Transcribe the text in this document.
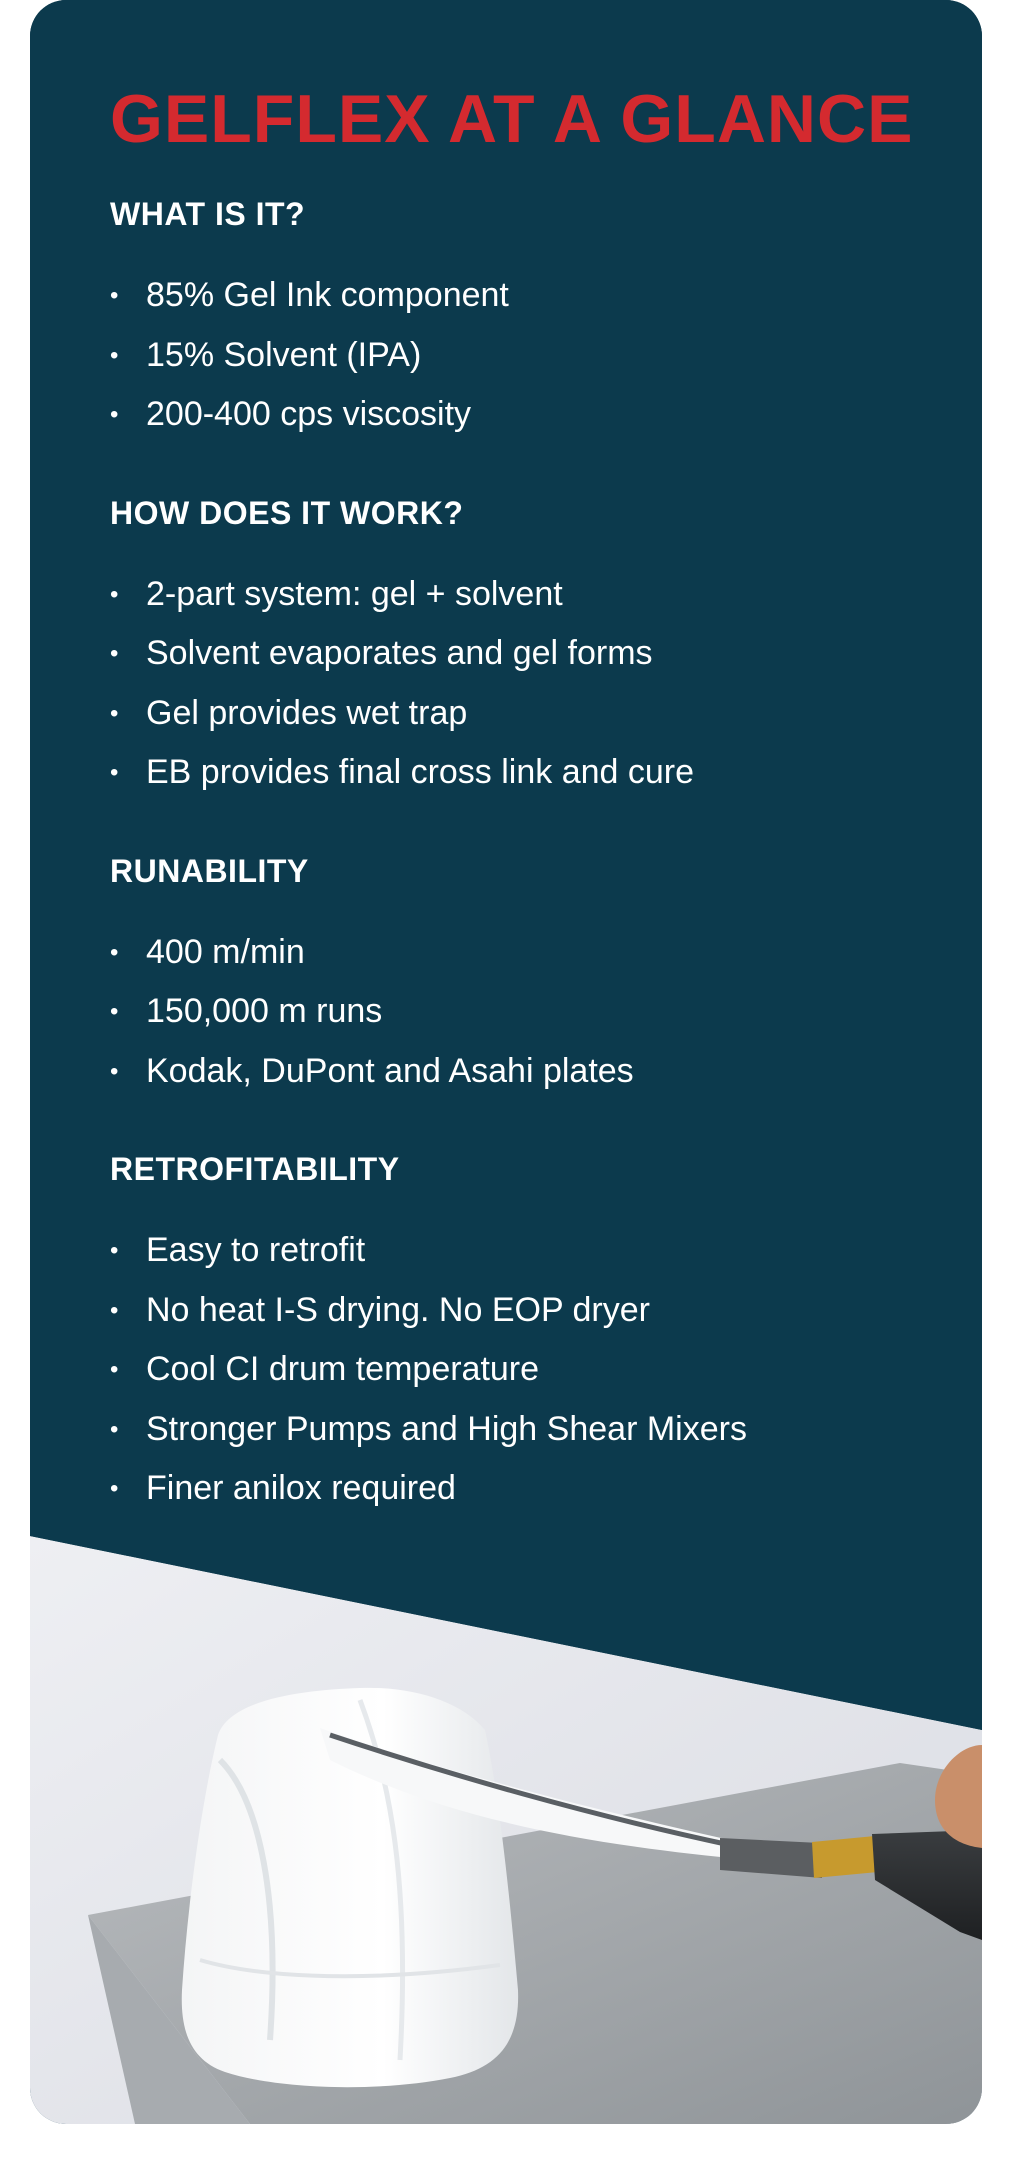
GELFLEX AT A GLANCE
WHAT IS IT?
• 85% Gel Ink component
• 15% Solvent (IPA)
• 200-400 cps viscosity
HOW DOES IT WORK?
• 2-part system: gel + solvent
• Solvent evaporates and gel forms
• Gel provides wet trap
• EB provides final cross link and cure
RUNABILITY
• 400 m/min
• 150,000 m runs
• Kodak, DuPont and Asahi plates
RETROFITABILITY
• Easy to retrofit
• No heat I-S drying. No EOP dryer
• Cool CI drum temperature
• Stronger Pumps and High Shear Mixers
• Finer anilox required
